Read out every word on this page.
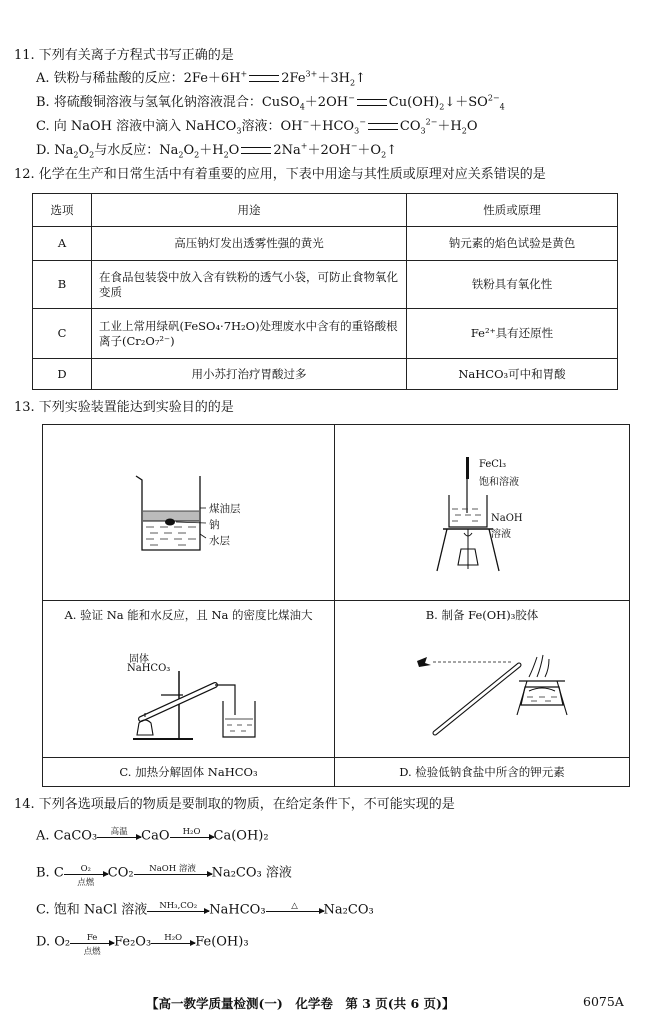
11. 下列有关离子方程式书写正确的是
A. 铁粉与稀盐酸的反应：2Fe＋6H+	$2Fe^{3+}+3H_2↑$
B. 将硫酸铜溶液与氢氧化钠溶液混合：CuSO$_4$＋2OH−	$Cu(OH)_2↓+SO^{2-}_4$
C. 向 NaOH 溶液中滴入 NaHCO$_3$溶液：$OH^-+HCO_3^-$	$CO_3^{2-}+H_2O$
D. $Na_2O_2$与水反应：$Na_2O_2+H_2O$	$2Na^++2OH^-+O_2↑$
12. 化学在生产和日常生活中有着重要的应用，下表中用途与其性质或原理对应关系错误的是
选项	用途	性质或原理
A	高压钠灯发出透雾性强的黄光	钠元素的焰色试验是黄色
B	在食品包装袋中放入含有铁粉的透气小袋，可防止食物氧化变质	铁粉具有氧化性
C	工业上常用绿矾(FeSO₄·7H₂O)处理废水中含有的重铬酸根离子(Cr₂O₇²⁻)	Fe²⁺具有还原性
D	用小苏打治疗胃酸过多	NaHCO₃可中和胃酸
13. 下列实验装置能达到实验目的的是
煤油层
钠
水层
A. 验证 Na 能和水反应，且 Na 的密度比煤油大
FeCl₃
饱和溶液
NaOH
溶液
B. 制备 Fe(OH)₃胶体
固体
NaHCO₃
C. 加热分解固体 NaHCO₃	D. 检验低钠食盐中所含的钾元素
14. 下列各选项最后的物质是要制取的物质，在给定条件下，不可能实现的是
A. CaCO₃	高温	CaO	H₂O	Ca(OH)₂
B. C	O₂
点燃
CO₂	NaOH 溶液	Na₂CO₃ 溶液
C. 饱和 NaCl 溶液	NH₃,CO₂ NaHCO₃	△	Na₂CO₃
D. O₂	Fe
点燃
Fe₂O₃	H₂O	Fe(OH)₃
【高一教学质量检测(一)　化学卷　第 3 页(共 6 页)】	6075A
